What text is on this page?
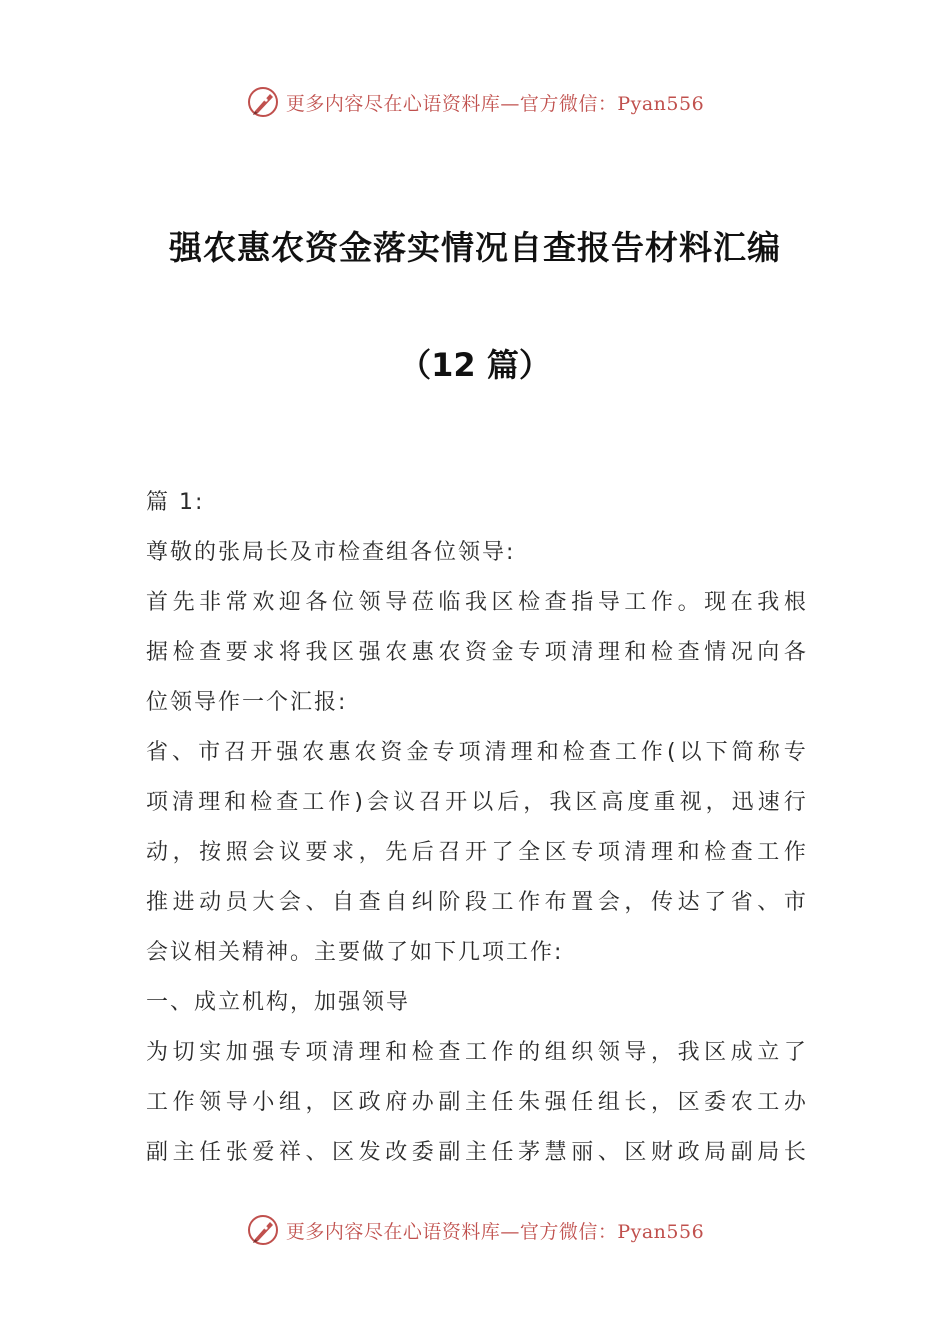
更多内容尽在心语资料库—官方微信：Pyan556
强农惠农资金落实情况自查报告材料汇编
（12 篇）
篇 1:
尊敬的张局长及市检查组各位领导:
首 先 非 常 欢 迎 各 位 领 导 莅 临 我 区 检 查 指 导 工 作 。 现 在 我 根
据 检 查 要 求 将 我 区 强 农 惠 农 资 金 专 项 清 理 和 检 查 情 况 向 各
位领导作一个汇报:
省 、 市 召 开 强 农 惠 农 资 金 专 项 清 理 和 检 查 工 作 ( 以 下 简 称 专
项 清 理 和 检 查 工 作 ) 会 议 召 开 以 后 ， 我 区 高 度 重 视 ， 迅 速 行
动 ， 按 照 会 议 要 求 ， 先 后 召 开 了 全 区 专 项 清 理 和 检 查 工 作
推 进 动 员 大 会 、 自 查 自 纠 阶 段 工 作 布 置 会 ， 传 达 了 省 、 市
会议相关精神。主要做了如下几项工作:
一、成立机构，加强领导
为 切 实 加 强 专 项 清 理 和 检 查 工 作 的 组 织 领 导 ， 我 区 成 立 了
工 作 领 导 小 组 ， 区 政 府 办 副 主 任 朱 强 任 组 长 ， 区 委 农 工 办
副 主 任 张 爱 祥 、 区 发 改 委 副 主 任 茅 慧 丽 、 区 财 政 局 副 局 长
更多内容尽在心语资料库—官方微信：Pyan556
